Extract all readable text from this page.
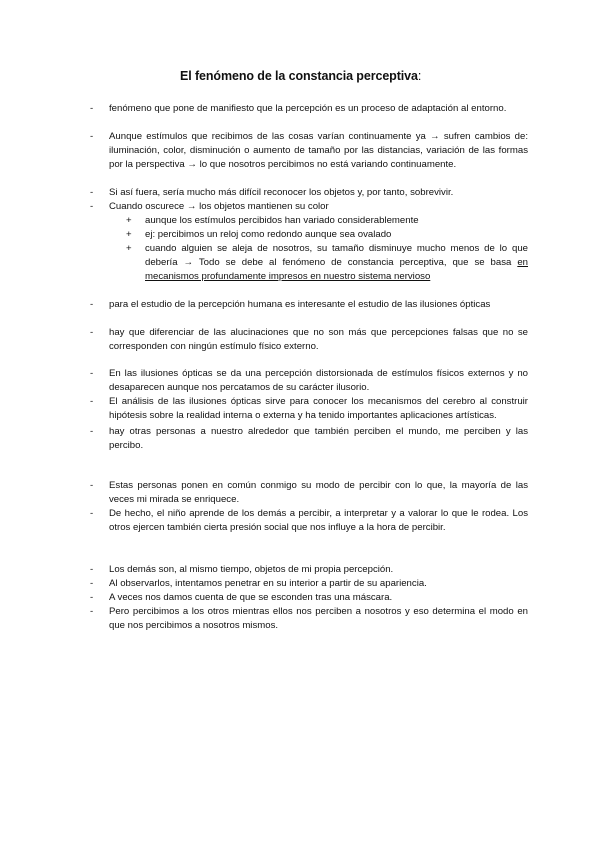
El fenómeno de la constancia perceptiva:
-	fenómeno que pone de manifiesto que la percepción es un proceso de adaptación al entorno.
-	Aunque estímulos que recibimos de las cosas varían continuamente ya → sufren cambios de: iluminación, color, disminución o aumento de tamaño por las distancias, variación de las formas por la perspectiva → lo que nosotros percibimos no está variando continuamente.
-	Si así fuera, sería mucho más difícil reconocer los objetos y, por tanto, sobrevivir.
-	Cuando oscurece → los objetos mantienen su color
+ aunque los estímulos percibidos han variado considerablemente
+ ej: percibimos un reloj como redondo aunque sea ovalado
+ cuando alguien se aleja de nosotros, su tamaño disminuye mucho menos de lo que debería → Todo se debe al fenómeno de constancia perceptiva, que se basa en mecanismos profundamente impresos en nuestro sistema nervioso
-	para el estudio de la percepción humana es interesante el estudio de las ilusiones ópticas
-	hay que diferenciar de las alucinaciones que no son más que percepciones falsas que no se corresponden con ningún estímulo físico externo.
-	En las ilusiones ópticas se da una percepción distorsionada de estímulos físicos externos y no desaparecen aunque nos percatamos de su carácter ilusorio.
-	El análisis de las ilusiones ópticas sirve para conocer los mecanismos del cerebro al construir hipótesis sobre la realidad interna o externa y ha tenido importantes aplicaciones artísticas.
-	hay otras personas a nuestro alrededor que también perciben el mundo, me perciben y las percibo.
-	Estas personas ponen en común conmigo su modo de percibir con lo que, la mayoría de las veces mi mirada se enriquece.
-	De hecho, el niño aprende de los demás a percibir, a interpretar y a valorar lo que le rodea. Los otros ejercen también cierta presión social que nos influye a la hora de percibir.
-	Los demás son, al mismo tiempo, objetos de mi propia percepción.
-	Al observarlos, intentamos penetrar en su interior a partir de su apariencia.
-	A veces nos damos cuenta de que se esconden tras una máscara.
-	Pero percibimos a los otros mientras ellos nos perciben a nosotros y eso determina el modo en que nos percibimos a nosotros mismos.
